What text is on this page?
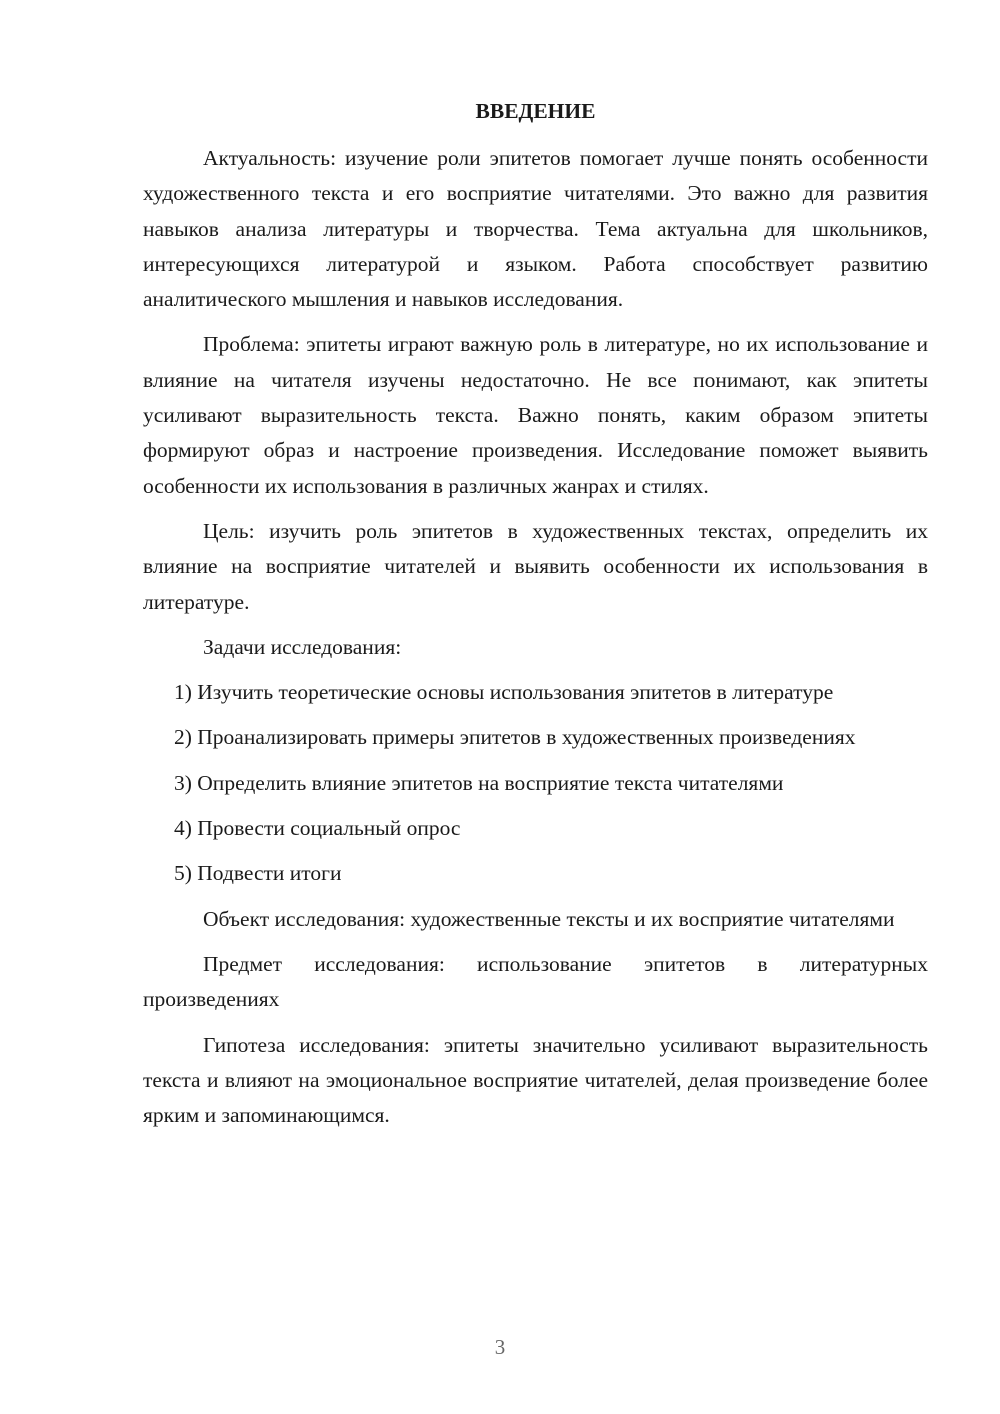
ВВЕДЕНИЕ

Актуальность: изучение роли эпитетов помогает лучше понять особенности художественного текста и его восприятие читателями. Это важно для развития навыков анализа литературы и творчества. Тема актуальна для школьников, интересующихся литературой и языком. Работа способствует развитию аналитического мышления и навыков исследования.

Проблема: эпитеты играют важную роль в литературе, но их использование и влияние на читателя изучены недостаточно. Не все понимают, как эпитеты усиливают выразительность текста. Важно понять, каким образом эпитеты формируют образ и настроение произведения. Исследование поможет выявить особенности их использования в различных жанрах и стилях.

Цель: изучить роль эпитетов в художественных текстах, определить их влияние на восприятие читателей и выявить особенности их использования в литературе.

Задачи исследования:

1) Изучить теоретические основы использования эпитетов в литературе

2) Проанализировать примеры эпитетов в художественных произведениях

3) Определить влияние эпитетов на восприятие текста читателями

4) Провести социальный опрос

5) Подвести итоги

Объект исследования: художественные тексты и их восприятие читателями

Предмет исследования: использование эпитетов в литературных произведениях

Гипотеза исследования: эпитеты значительно усиливают выразительность текста и влияют на эмоциональное восприятие читателей, делая произведение более ярким и запоминающимся.

3
